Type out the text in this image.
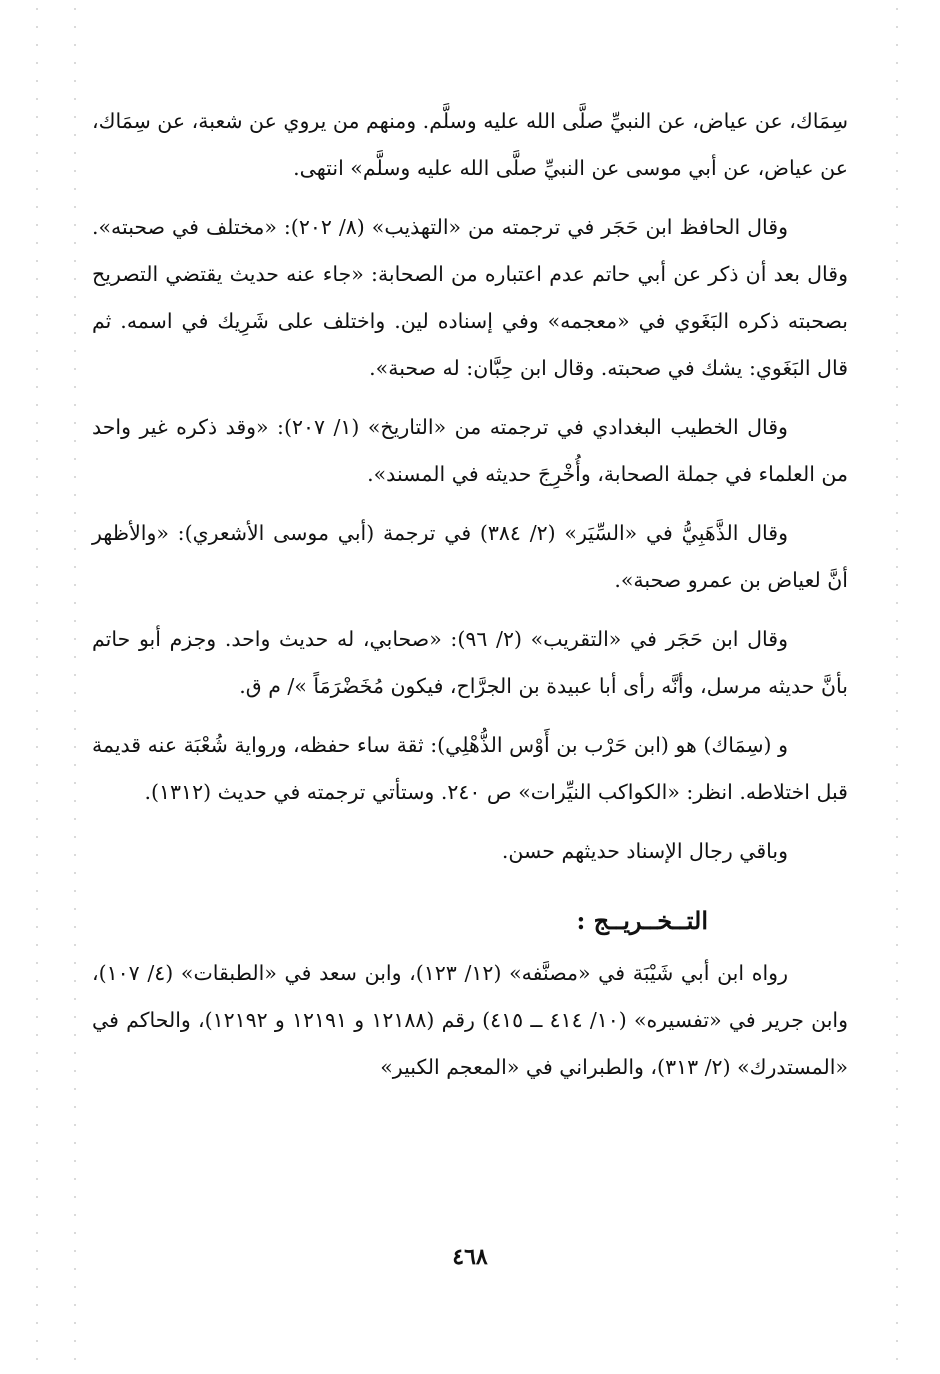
سِمَاك، عن عياض، عن النبيِّ صلَّى الله عليه وسلَّم. ومنهم من يروي عن شعبة، عن سِمَاك، عن عياض، عن أبي موسى عن النبيِّ صلَّى الله عليه وسلَّم» انتهى.

وقال الحافظ ابن حَجَر في ترجمته من «التهذيب» (٨/ ٢٠٢): «مختلف في صحبته». وقال بعد أن ذكر عن أبي حاتم عدم اعتباره من الصحابة: «جاء عنه حديث يقتضي التصريح بصحبته ذكره البَغَوي في «معجمه» وفي إسناده لين. واختلف على شَرِيك في اسمه. ثم قال البَغَوي: يشك في صحبته. وقال ابن حِبَّان: له صحبة».

وقال الخطيب البغدادي في ترجمته من «التاريخ» (١/ ٢٠٧): «وقد ذكره غير واحد من العلماء في جملة الصحابة، وأُخْرِجَ حديثه في المسند».

وقال الذَّهَبِيُّ في «السِّيَر» (٢/ ٣٨٤) في ترجمة (أبي موسى الأشعري): «والأظهر أنَّ لعياض بن عمرو صحبة».

وقال ابن حَجَر في «التقريب» (٢/ ٩٦): «صحابي، له حديث واحد. وجزم أبو حاتم بأنَّ حديثه مرسل، وأنَّه رأى أبا عبيدة بن الجرَّاح، فيكون مُخَضْرَمَاً »/ م ق.

و (سِمَاك) هو (ابن حَرْب بن أَوْس الذُّهْلِي): ثقة ساء حفظه، ورواية شُعْبَة عنه قديمة قبل اختلاطه. انظر: «الكواكب النيِّرات» ص ٢٤٠. وستأتي ترجمته في حديث (١٣١٢).

وباقي رجال الإسناد حديثهم حسن.

التــخــريــج :

رواه ابن أبي شَيْبَة في «مصنَّفه» (١٢/ ١٢٣)، وابن سعد في «الطبقات» (٤/ ١٠٧)، وابن جرير في «تفسيره» (١٠/ ٤١٤ ــ ٤١٥) رقم (١٢١٨٨ و ١٢١٩١ و ١٢١٩٢)، والحاكم في «المستدرك» (٢/ ٣١٣)، والطبراني في «المعجم الكبير»

٤٦٨
